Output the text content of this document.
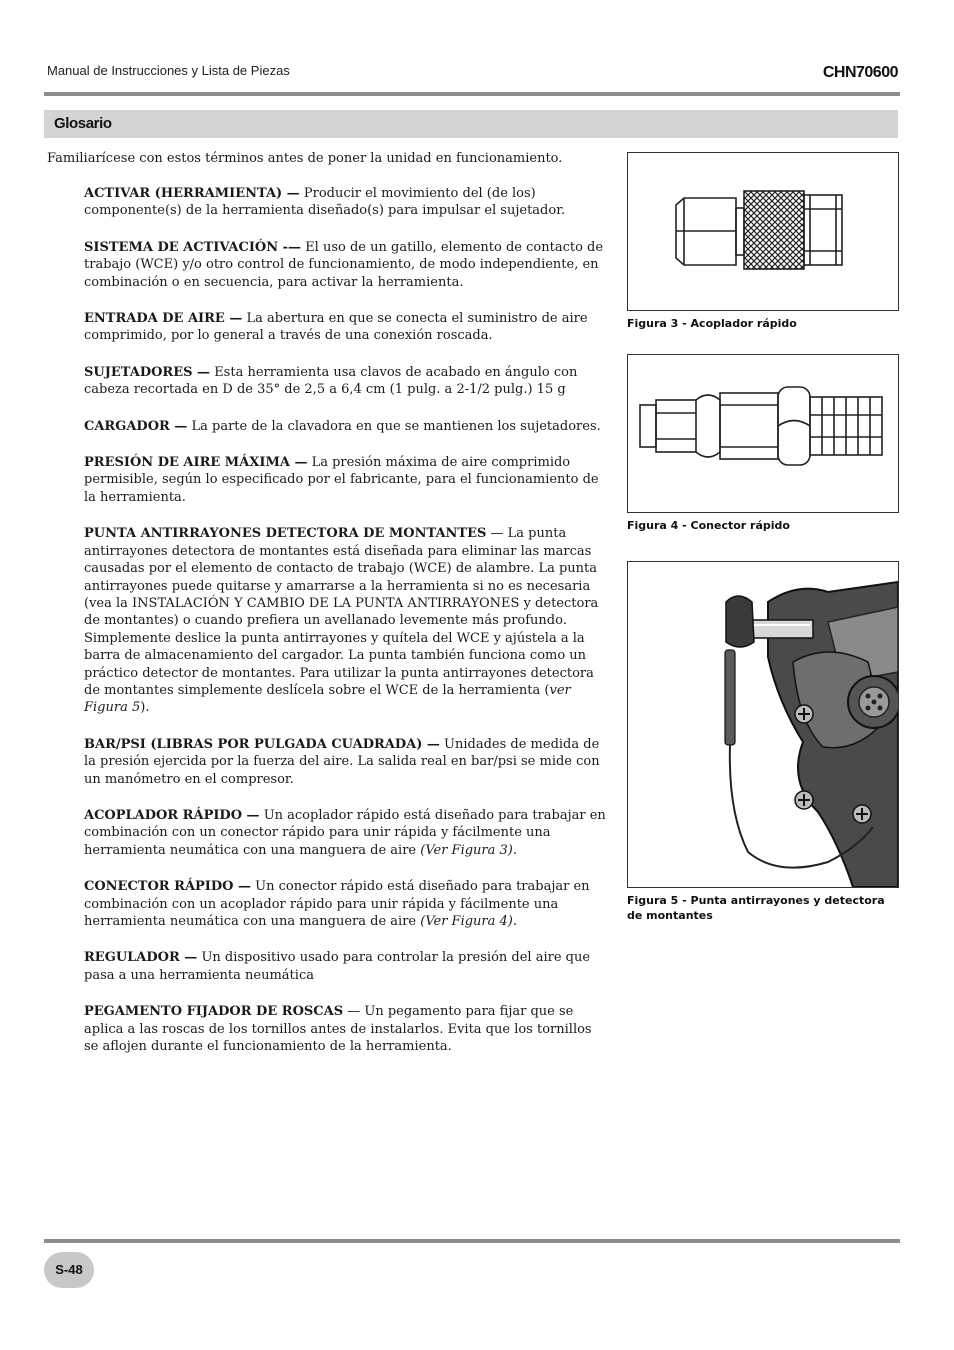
Manual de Instrucciones y Lista de Piezas	CHN70600
Glosario
Familiarícese con estos términos antes de poner la unidad en funcionamiento.

ACTIVAR (HERRAMIENTA) — Producir el movimiento del (de los) componente(s) de la herramienta diseñado(s) para impulsar el sujetador.

SISTEMA DE ACTIVACIÓN -— El uso de un gatillo, elemento de contacto de trabajo (WCE) y/o otro control de funcionamiento, de modo independiente, en combinación o en secuencia, para activar la herramienta.

ENTRADA DE AIRE — La abertura en que se conecta el suministro de aire comprimido, por lo general a través de una conexión roscada.

SUJETADORES — Esta herramienta usa clavos de acabado en ángulo con cabeza recortada en D de 35° de 2,5 a 6,4 cm (1 pulg. a 2-1/2 pulg.) 15 g

CARGADOR — La parte de la clavadora en que se mantienen los sujetadores.

PRESIÓN DE AIRE MÁXIMA — La presión máxima de aire comprimido permisible, según lo especificado por el fabricante, para el funcionamiento de la herramienta.

PUNTA ANTIRRAYONES DETECTORA DE MONTANTES — La punta antirrayones detectora de montantes está diseñada para eliminar las marcas causadas por el elemento de contacto de trabajo (WCE) de alambre. La punta antirrayones puede quitarse y amarrarse a la herramienta si no es necesaria (vea la INSTALACIÓN Y CAMBIO DE LA PUNTA ANTIRRAYONES y detectora de montantes) o cuando prefiera un avellanado levemente más profundo. Simplemente deslice la punta antirrayones y quítela del WCE y ajústela a la barra de almacenamiento del cargador. La punta también funciona como un práctico detector de montantes. Para utilizar la punta antirrayones detectora de montantes simplemente deslícela sobre el WCE de la herramienta (ver Figura 5).

BAR/PSI (LIBRAS POR PULGADA CUADRADA) — Unidades de medida de la presión ejercida por la fuerza del aire. La salida real en bar/psi se mide con un manómetro en el compresor.

ACOPLADOR RÁPIDO — Un acoplador rápido está diseñado para trabajar en combinación con un conector rápido para unir rápida y fácilmente una herramienta neumática con una manguera de aire (Ver Figura 3).

CONECTOR RÁPIDO — Un conector rápido está diseñado para trabajar en combinación con un acoplador rápido para unir rápida y fácilmente una herramienta neumática con una manguera de aire (Ver Figura 4).

REGULADOR — Un dispositivo usado para controlar la presión del aire que pasa a una herramienta neumática

PEGAMENTO FIJADOR DE ROSCAS — Un pegamento para fijar que se aplica a las roscas de los tornillos antes de instalarlos. Evita que los tornillos se aflojen durante el funcionamiento de la herramienta.

Figura 3 - Acoplador rápido
Figura 4 - Conector rápido
Figura 5 - Punta antirrayones y detectora de montantes
S-48
